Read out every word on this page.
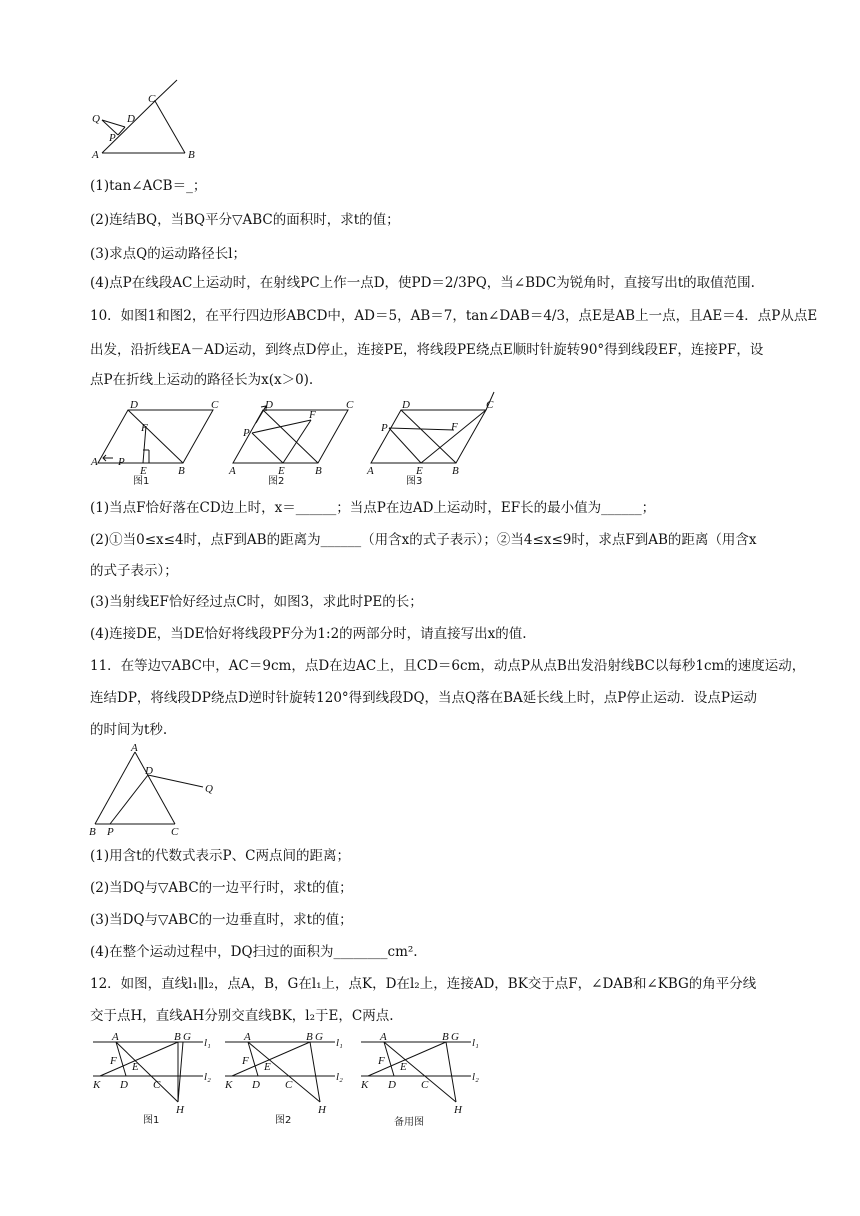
Q D
C
P
A	B
(1)tan∠ACB＝_；
(2)连结BQ，当BQ平分▽ABC的面积时，求t的值；
(3)求点Q的运动路径长l；
(4)点P在线段AC上运动时，在射线PC上作一点D，使PD＝2/3PQ，当∠BDC为锐角时，直接写出t的取值范围.
10．如图1和图2，在平行四边形ABCD中，AD＝5，AB＝7，tan∠DAB＝4/3，点E是AB上一点，且AE＝4．点P从点E
出发，沿折线EA－AD运动，到终点D停止，连接PE，将线段PE绕点E顺时针旋转90°得到线段EF，连接PF，设
点P在折线上运动的路径长为x(x＞0).
D	C
F
A P
E	B
图1
D	C
P
F
A	E	B
图2
D	C
P	F
A	E	B
图3
(1)当点F恰好落在CD边上时，x＝______；当点P在边AD上运动时，EF长的最小值为______；
(2)①当0≤x≤4时，点F到AB的距离为______（用含x的式子表示）；②当4≤x≤9时，求点F到AB的距离（用含x
的式子表示）；
(3)当射线EF恰好经过点C时，如图3，求此时PE的长；
(4)连接DE，当DE恰好将线段PF分为1:2的两部分时，请直接写出x的值.
11．在等边▽ABC中，AC＝9cm，点D在边AC上，且CD＝6cm，动点P从点B出发沿射线BC以每秒1cm的速度运动，
连结DP，将线段DP绕点D逆时针旋转120°得到线段DQ，当点Q落在BA延长线上时，点P停止运动．设点P运动
的时间为t秒.
A
D
Q
B P	C
(1)用含t的代数式表示P、C两点间的距离；
(2)当DQ与▽ABC的一边平行时，求t的值；
(3)当DQ与▽ABC的一边垂直时，求t的值；
(4)在整个运动过程中，DQ扫过的面积为________cm².
12．如图，直线l₁∥l₂，点A，B，G在l₁上，点K，D在l₂上，连接AD，BK交于点F，∠DAB和∠KBG的角平分线
交于点H，直线AH分别交直线BK，l₂于E，C两点.
A	B G l₁
F E
K D C
l₂
H
图1
A	B G l₁
F E
K D C
l₂
H
图2
A	B G l₁
F E
K D C
l₂
H
备用图
